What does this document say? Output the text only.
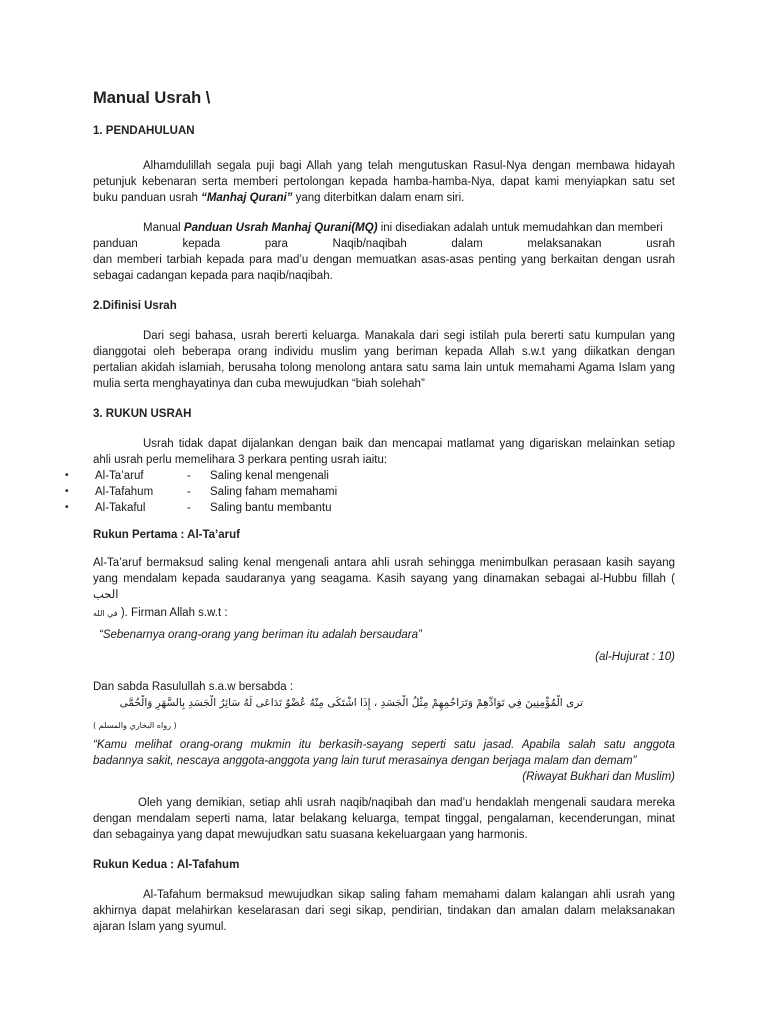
Manual Usrah \
1. PENDAHULUAN
Alhamdulillah segala puji bagi Allah yang telah mengutuskan Rasul-Nya dengan membawa hidayah
petunjuk kebenaran serta memberi pertolongan kepada hamba-hamba-Nya, dapat kami menyiapkan satu set
buku panduan usrah “Manhaj Qurani” yang diterbitkan dalam enam siri.
Manual Panduan Usrah Manhaj Qurani(MQ) ini disediakan adalah untuk memudahkan dan memberi
panduan kepada para Naqib/naqibah dalam melaksanakan usrah
dan memberi tarbiah kepada para mad’u dengan memuatkan asas-asas penting yang berkaitan dengan usrah
sebagai cadangan kepada para naqib/naqibah.
2.Difinisi Usrah
Dari segi bahasa, usrah bererti keluarga. Manakala dari segi istilah pula bererti satu kumpulan yang
dianggotai oleh beberapa orang individu muslim yang beriman kepada Allah s.w.t yang diikatkan dengan
pertalian akidah islamiah, berusaha tolong menolong antara satu sama lain untuk memahami Agama Islam yang
mulia serta menghayatinya dan cuba mewujudkan “biah solehah”
3. RUKUN USRAH
Usrah tidak dapat dijalankan dengan baik dan mencapai matlamat yang digariskan melainkan setiap
ahli usrah perlu memelihara 3 perkara penting usrah iaitu:
• Al-Ta’aruf	- Saling kenal mengenali
• Al-Tafahum	- Saling faham memahami
• Al-Takaful	- Saling bantu membantu
Rukun Pertama : Al-Ta’aruf
Al-Ta’aruf bermaksud saling kenal mengenali antara ahli usrah sehingga menimbulkan perasaan kasih sayang
yang mendalam kepada saudaranya yang seagama. Kasih sayang yang dinamakan sebagai al-Hubbu fillah ( الحب
في الله ). Firman Allah s.w.t :
“Sebenarnya orang-orang yang beriman itu adalah bersaudara”
(al-Hujurat : 10)
Dan sabda Rasulullah s.a.w bersabda :
ترى الْمُؤْمِنِينَ فِي تَوَادِّهِمْ وَتَرَاحُمِهِمْ مِثْلُ الْجَسَدِ ، إِذَا اشْتَكَى مِنْهُ عُضْوٌ تَدَاعَى لَهُ سَائِرُ الْجَسَدِ بِالسَّهَرِ وَالْحُمَّى
( رواه البخاري والمسلم )
“Kamu melihat orang-orang mukmin itu berkasih-sayang seperti satu jasad. Apabila salah satu anggota
badannya sakit, nescaya anggota-anggota yang lain turut merasainya dengan berjaga malam dan demam”
(Riwayat Bukhari dan Muslim)
Oleh yang demikian, setiap ahli usrah naqib/naqibah dan mad’u hendaklah mengenali saudara mereka
dengan mendalam seperti nama, latar belakang keluarga, tempat tinggal, pengalaman, kecenderungan, minat
dan sebagainya yang dapat mewujudkan satu suasana kekeluargaan yang harmonis.
Rukun Kedua : Al-Tafahum
Al-Tafahum bermaksud mewujudkan sikap saling faham memahami dalam kalangan ahli usrah yang
akhirnya dapat melahirkan keselarasan dari segi sikap, pendirian, tindakan dan amalan dalam melaksanakan
ajaran Islam yang syumul.
